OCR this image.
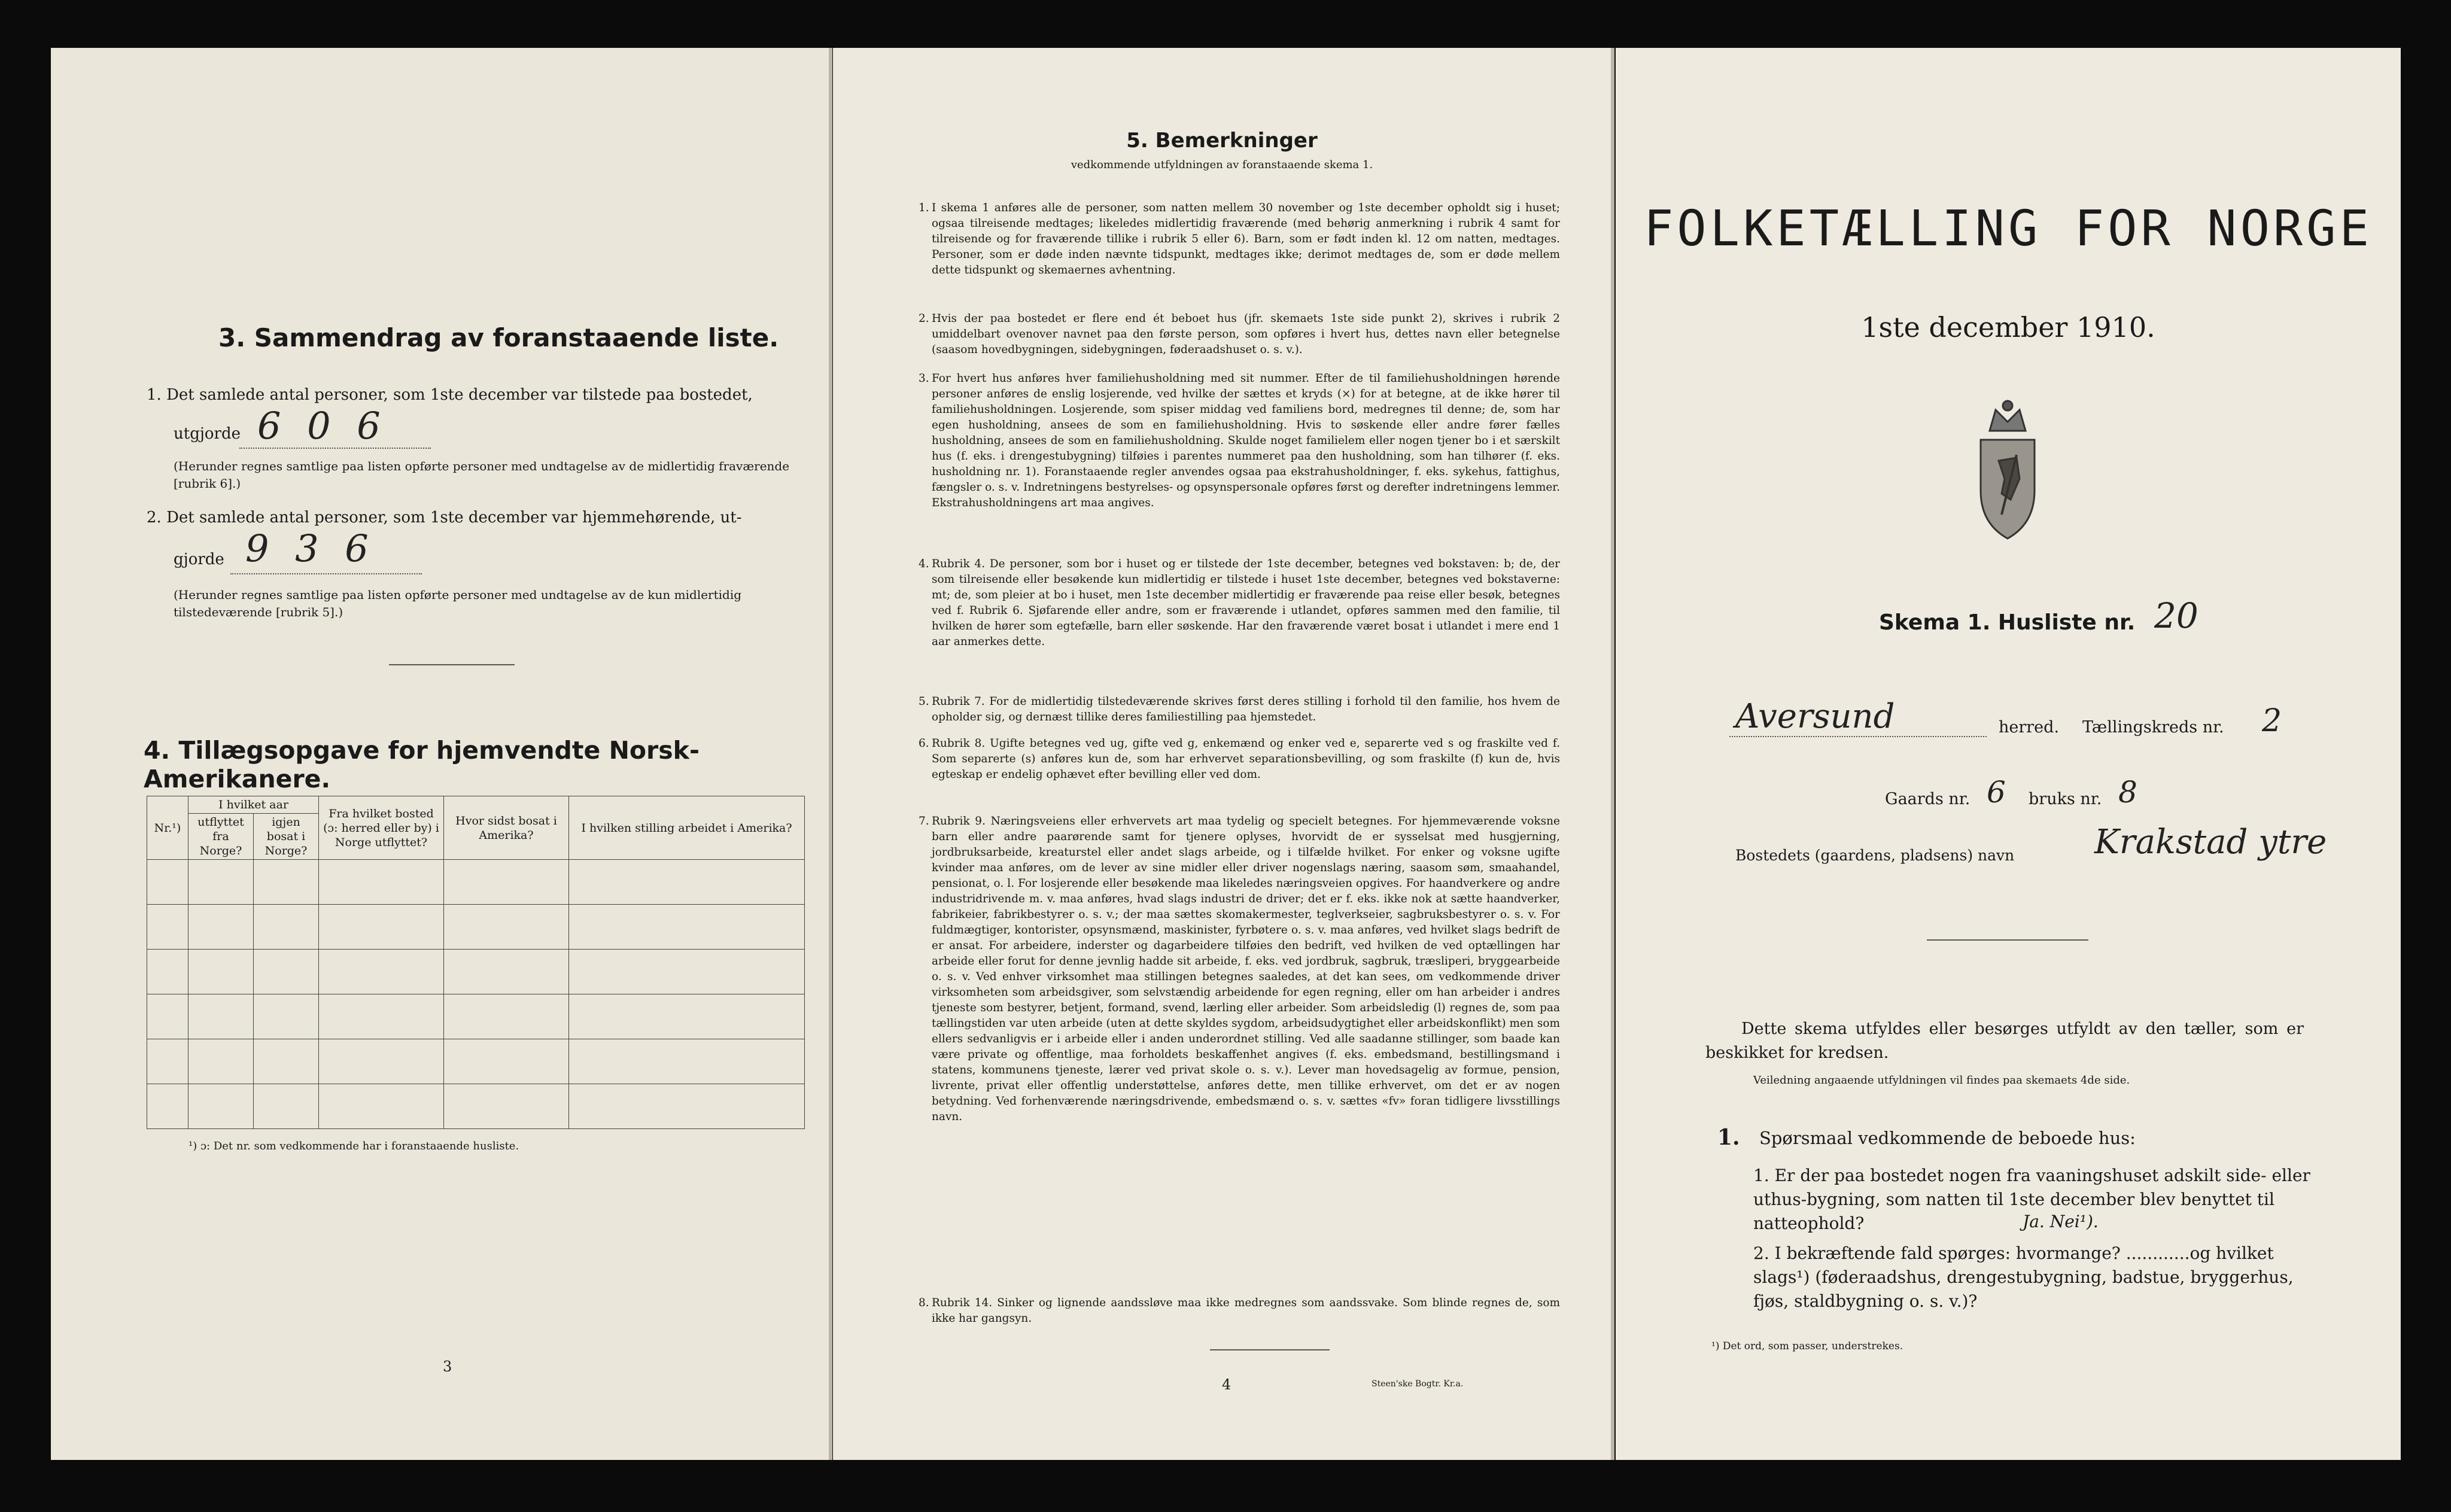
3. Sammendrag av foranstaaende liste.
1. Det samlede antal personer, som 1ste december var tilstede paa bostedet,
utgjorde 6 0 6
(Herunder regnes samtlige paa listen opførte personer med undtagelse av de midlertidig fraværende [rubrik 6].)
2. Det samlede antal personer, som 1ste december var hjemmehørende, ut-
gjorde 9 3 6
(Herunder regnes samtlige paa listen opførte personer med undtagelse av de kun midlertidig tilstedeværende [rubrik 5].)
4. Tillægsopgave for hjemvendte Norsk-Amerikanere.
Nr.¹)	I hvilket aar		Fra hvilket bosted (ɔ: herred eller by) i Norge utflyttet?	Hvor sidst bosat i Amerika?	I hvilken stilling arbeidet i Amerika?
	utflyttet fra Norge?	igjen bosat i Norge?			

¹) ɔ: Det nr. som vedkommende har i foranstaaende husliste.
3
5. Bemerkninger
vedkommende utfyldningen av foranstaaende skema 1.
1. I skema 1 anføres alle de personer, som natten mellem 30 november og 1ste december opholdt sig i huset; ogsaa tilreisende medtages; likeledes midlertidig fraværende (med behørig anmerkning i rubrik 4 samt for tilreisende og for fraværende tillike i rubrik 5 eller 6). Barn, som er født inden kl. 12 om natten, medtages. Personer, som er døde inden nævnte tidspunkt, medtages ikke; derimot medtages de, som er døde mellem dette tidspunkt og skemaernes avhentning.
2. Hvis der paa bostedet er flere end ét beboet hus (jfr. skemaets 1ste side punkt 2), skrives i rubrik 2 umiddelbart ovenover navnet paa den første person, som opføres i hvert hus, dettes navn eller betegnelse (saasom hovedbygningen, sidebygningen, føderaadshuset o. s. v.).
3. For hvert hus anføres hver familiehusholdning med sit nummer. Efter de til familiehusholdningen hørende personer anføres de enslig losjerende, ved hvilke der sættes et kryds (×) for at betegne, at de ikke hører til familiehusholdningen. Losjerende, som spiser middag ved familiens bord, medregnes til denne; de, som har egen husholdning, ansees de som en familiehusholdning. Hvis to søskende eller andre fører fælles husholdning, ansees de som en familiehusholdning. Skulde noget familielem eller nogen tjener bo i et særskilt hus (f. eks. i drengestubygning) tilføies i parentes nummeret paa den husholdning, som han tilhører (f. eks. husholdning nr. 1). Foranstaaende regler anvendes ogsaa paa ekstrahusholdninger, f. eks. sykehus, fattighus, fængsler o. s. v. Indretningens bestyrelses- og opsynspersonale opføres først og derefter indretningens lemmer. Ekstrahusholdningens art maa angives.
4. Rubrik 4. De personer, som bor i huset og er tilstede der 1ste december, betegnes ved bokstaven: b; de, der som tilreisende eller besøkende kun midlertidig er tilstede i huset 1ste december, betegnes ved bokstaverne: mt; de, som pleier at bo i huset, men 1ste december midlertidig er fraværende paa reise eller besøk, betegnes ved f. Rubrik 6. Sjøfarende eller andre, som er fraværende i utlandet, opføres sammen med den familie, til hvilken de hører som egtefælle, barn eller søskende. Har den fraværende været bosat i utlandet i mere end 1 aar anmerkes dette.
5. Rubrik 7. For de midlertidig tilstedeværende skrives først deres stilling i forhold til den familie, hos hvem de opholder sig, og dernæst tillike deres familiestilling paa hjemstedet.
6. Rubrik 8. Ugifte betegnes ved ug, gifte ved g, enkemænd og enker ved e, separerte ved s og fraskilte ved f. Som separerte (s) anføres kun de, som har erhvervet separationsbevilling, og som fraskilte (f) kun de, hvis egteskap er endelig ophævet efter bevilling eller ved dom.
7. Rubrik 9. Næringsveiens eller erhvervets art maa tydelig og specielt betegnes. For hjemmeværende voksne barn eller andre paarørende samt for tjenere oplyses, hvorvidt de er sysselsat med husgjerning, jordbruksarbeide, kreaturstel eller andet slags arbeide, og i tilfælde hvilket. For enker og voksne ugifte kvinder maa anføres, om de lever av sine midler eller driver nogenslags næring, saasom søm, smaahandel, pensionat, o. l. For losjerende eller besøkende maa likeledes næringsveien opgives. For haandverkere og andre industridrivende m. v. maa anføres, hvad slags industri de driver; det er f. eks. ikke nok at sætte haandverker, fabrikeier, fabrikbestyrer o. s. v.; der maa sættes skomakermester, teglverkseier, sagbruksbestyrer o. s. v. For fuldmægtiger, kontorister, opsynsmænd, maskinister, fyrbøtere o. s. v. maa anføres, ved hvilket slags bedrift de er ansat. For arbeidere, inderster og dagarbeidere tilføies den bedrift, ved hvilken de ved optællingen har arbeide eller forut for denne jevnlig hadde sit arbeide, f. eks. ved jordbruk, sagbruk, træsliperi, bryggearbeide o. s. v. Ved enhver virksomhet maa stillingen betegnes saaledes, at det kan sees, om vedkommende driver virksomheten som arbeidsgiver, som selvstændig arbeidende for egen regning, eller om han arbeider i andres tjeneste som bestyrer, betjent, formand, svend, lærling eller arbeider. Som arbeidsledig (l) regnes de, som paa tællingstiden var uten arbeide (uten at dette skyldes sygdom, arbeidsudygtighet eller arbeidskonflikt) men som ellers sedvanligvis er i arbeide eller i anden underordnet stilling. Ved alle saadanne stillinger, som baade kan være private og offentlige, maa forholdets beskaffenhet angives (f. eks. embedsmand, bestillingsmand i statens, kommunens tjeneste, lærer ved privat skole o. s. v.). Lever man hovedsagelig av formue, pension, livrente, privat eller offentlig understøttelse, anføres dette, men tillike erhvervet, om det er av nogen betydning. Ved forhenværende næringsdrivende, embedsmænd o. s. v. sættes «fv» foran tidligere livsstillings navn.
8. Rubrik 14. Sinker og lignende aandssløve maa ikke medregnes som aandssvake. Som blinde regnes de, som ikke har gangsyn.
4	Steen'ske Bogtr. Kr.a.
FOLKETÆLLING FOR NORGE
1ste december 1910.
Skema 1. Husliste nr. 20
Aversund	herred. Tællingskreds nr. 2
Gaards nr. 6 bruks nr. 8
Bostedets (gaardens, pladsens) navn Krakstad ytre
Dette skema utfyldes eller besørges utfyldt av den tæller, som er beskikket for kredsen.
Veiledning angaaende utfyldningen vil findes paa skemaets 4de side.
1. Spørsmaal vedkommende de beboede hus:
1. Er der paa bostedet nogen fra vaaningshuset adskilt side- eller uthus-bygning, som natten til 1ste december blev benyttet til natteophold?	Ja. Nei¹).
2. I bekræftende fald spørges: hvormange? ............og hvilket slags¹) (føderaadshus, drengestubygning, badstue, bryggerhus, fjøs, staldbygning o. s. v.)?
¹) Det ord, som passer, understrekes.
